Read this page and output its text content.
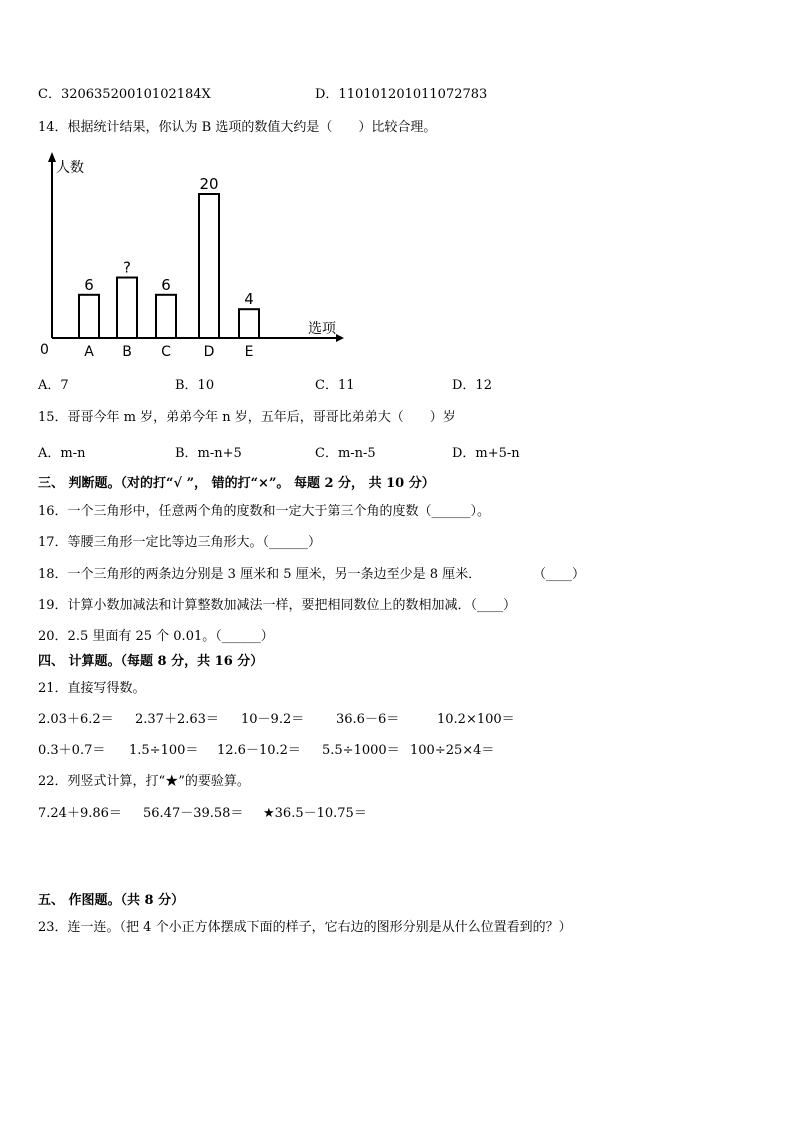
C．32063520010102184X	D．110101201011072783
14．根据统计结果，你认为 B 选项的数值大约是（　　）比较合理。
人数
选项
0
6
A
?
B
6
C
20
D
4
E
A．7	B．10	C．11	D．12
15．哥哥今年 m 岁，弟弟今年 n 岁，五年后，哥哥比弟弟大（　　）岁
A．m-n	B．m-n+5	C．m-n-5	D．m+5-n
三、 判断题。（对的打“√ ”， 错的打“×”。 每题 2 分， 共 10 分）
16．一个三角形中，任意两个角的度数和一定大于第三个角的度数（______）。
17．等腰三角形一定比等边三角形大。（______）
18．一个三角形的两条边分别是 3 厘米和 5 厘米，另一条边至少是 8 厘米．	（____）
19．计算小数加减法和计算整数加减法一样，要把相同数位上的数相加减．（____）
20．2.5 里面有 25 个 0.01。（______）
四、 计算题。（每题 8 分，共 16 分）
21．直接写得数。
2.03＋6.2＝ 2.37＋2.63＝ 10－9.2＝ 36.6－6＝	10.2×100＝
0.3＋0.7＝ 1.5÷100＝ 12.6－10.2＝ 5.5÷1000＝ 100÷25×4＝
22．列竖式计算，打“★”的要验算。
7.24＋9.86＝ 56.47－39.58＝ ★36.5－10.75＝
五、 作图题。（共 8 分）
23．连一连。（把 4 个小正方体摆成下面的样子，它右边的图形分别是从什么位置看到的？）
